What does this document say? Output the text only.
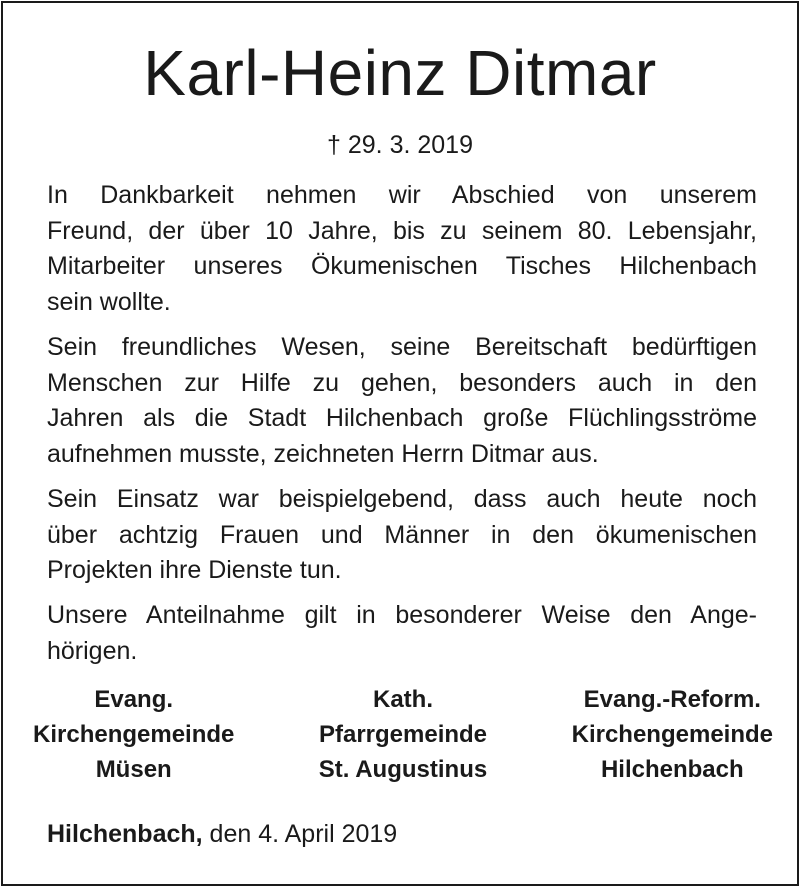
Karl-Heinz Ditmar
† 29. 3. 2019
In Dankbarkeit nehmen wir Abschied von unserem
Freund, der über 10 Jahre, bis zu seinem 80. Lebensjahr,
Mitarbeiter unseres Ökumenischen Tisches Hilchenbach
sein wollte.
Sein freundliches Wesen, seine Bereitschaft bedürftigen
Menschen zur Hilfe zu gehen, besonders auch in den
Jahren als die Stadt Hilchenbach große Flüchlingsströme
aufnehmen musste, zeichneten Herrn Ditmar aus.
Sein Einsatz war beispielgebend, dass auch heute noch
über achtzig Frauen und Männer in den ökumenischen
Projekten ihre Dienste tun.
Unsere Anteilnahme gilt in besonderer Weise den Ange-
hörigen.
Evang.
Kirchengemeinde
Müsen
Kath.
Pfarrgemeinde
St. Augustinus
Evang.-Reform.
Kirchengemeinde
Hilchenbach
Hilchenbach, den 4. April 2019
